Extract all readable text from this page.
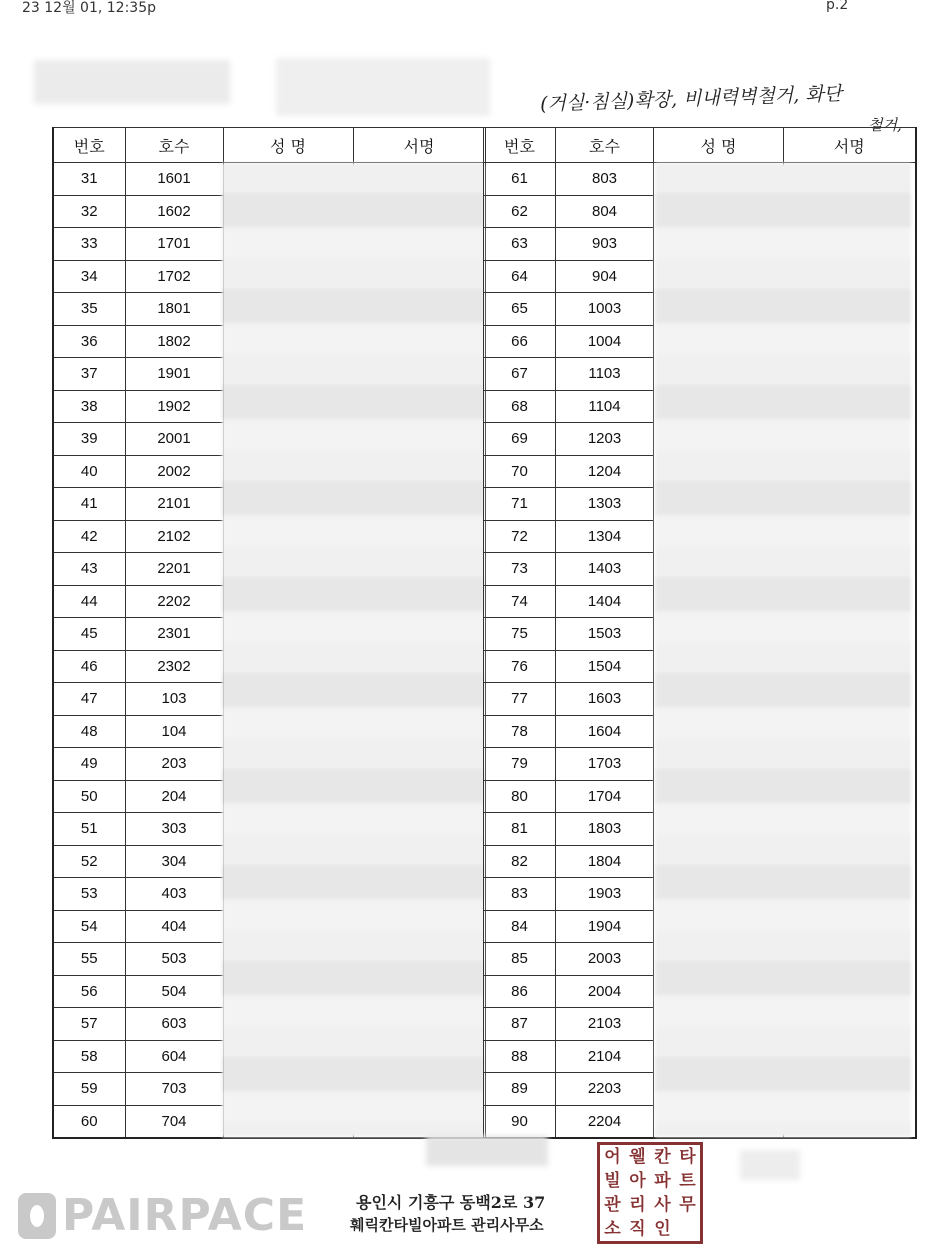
23 12월 01, 12:35p	p.2
(거실·침실)확장, 비내력벽철거, 화단
철거,
번호	호수	성 명	서명
31	1601		
32	1602		
33	1701		
34	1702		
35	1801		
36	1802		
37	1901		
38	1902		
39	2001		
40	2002		
41	2101		
42	2102		
43	2201		
44	2202		
45	2301		
46	2302		
47	103		
48	104		
49	203		
50	204		
51	303		
52	304		
53	403		
54	404		
55	503		
56	504		
57	603		
58	604		
59	703		
60	704		
번호	호수	성 명	서명
61	803		
62	804		
63	903		
64	904		
65	1003		
66	1004		
67	1103		
68	1104		
69	1203		
70	1204		
71	1303		
72	1304		
73	1403		
74	1404		
75	1503		
76	1504		
77	1603		
78	1604		
79	1703		
80	1704		
81	1803		
82	1804		
83	1903		
84	1904		
85	2003		
86	2004		
87	2103		
88	2104		
89	2203		
90	2204		
PAIRPACE	용인시 기흥구 동백2로 37
훼릭칸타빌아파트 관리사무소
어 웰 칸 타
빌 아 파 트
관 리 사 무
소 직 인
